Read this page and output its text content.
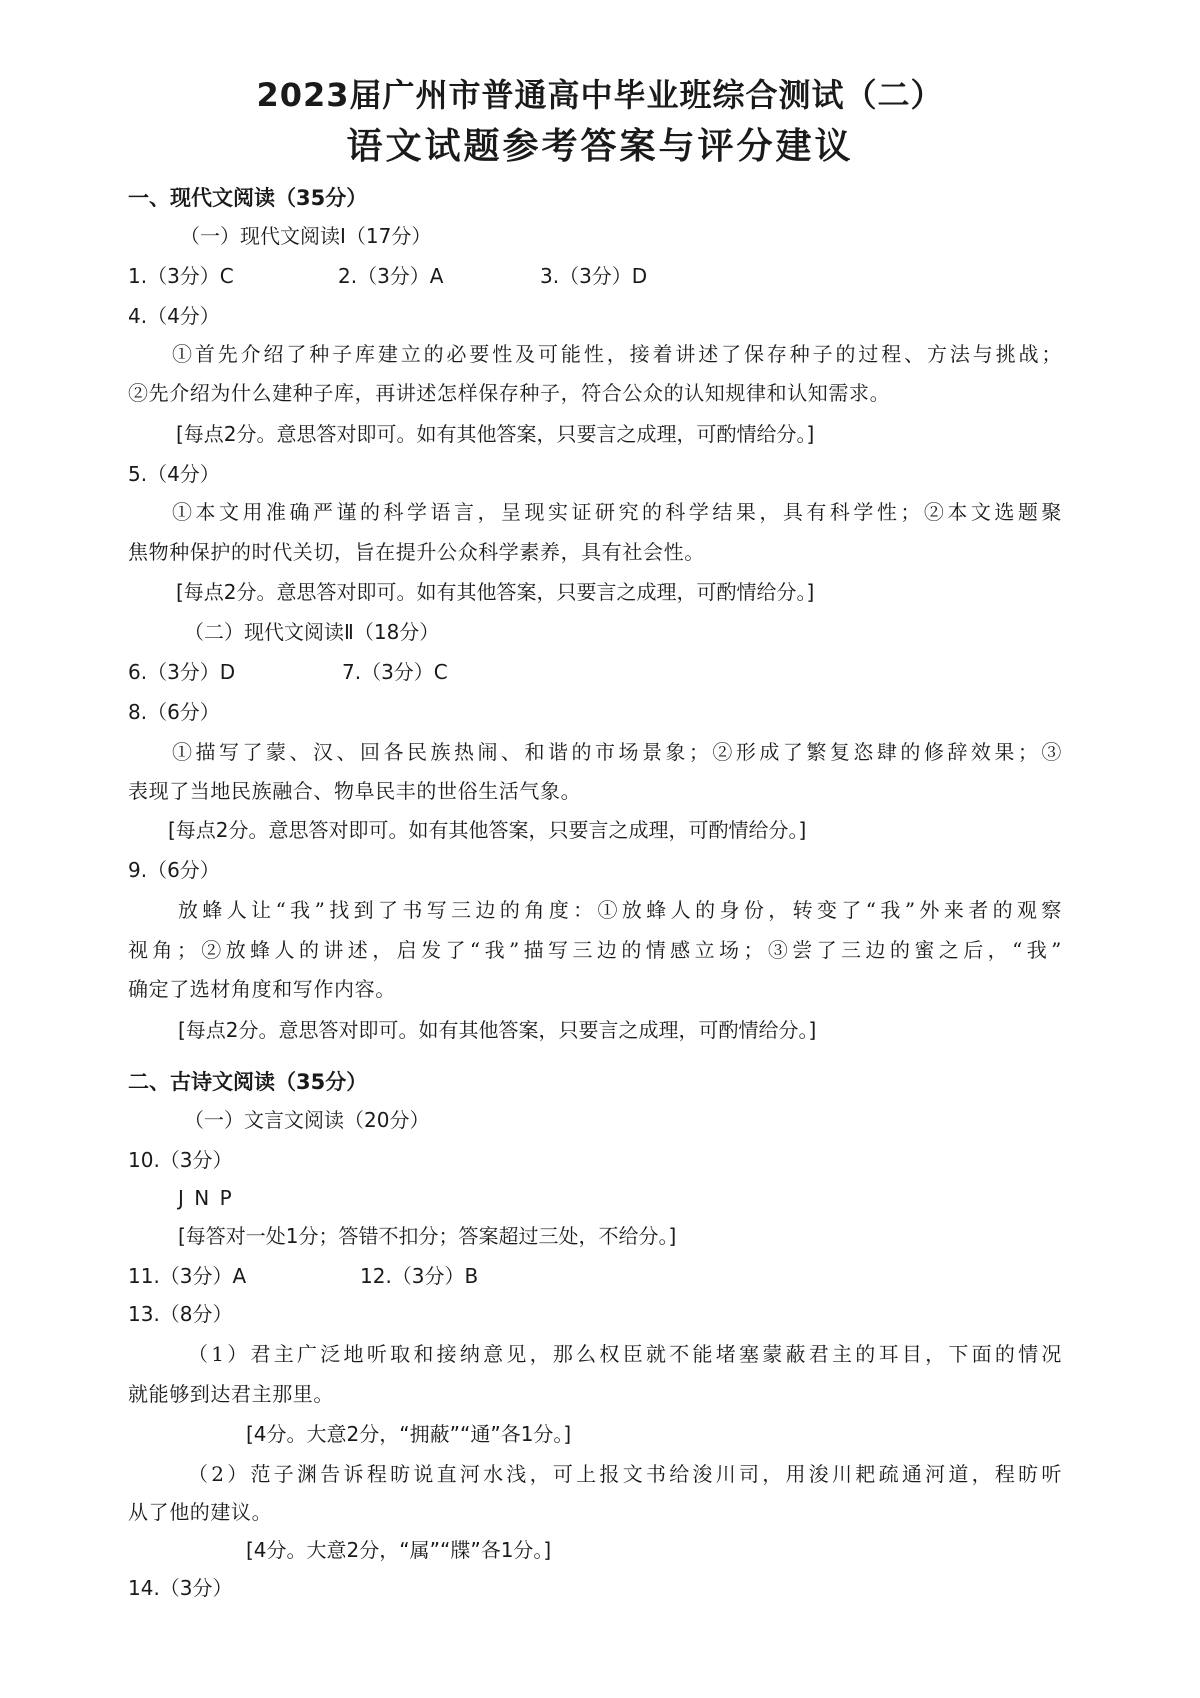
2023届广州市普通高中毕业班综合测试（二）
语文试题参考答案与评分建议
一、现代文阅读（35分）
（一）现代文阅读Ⅰ（17分）
1.（3分）C	2.（3分）A	3.（3分）D
4.（4分）
①首先介绍了种子库建立的必要性及可能性，接着讲述了保存种子的过程、方法与挑战；
②先介绍为什么建种子库，再讲述怎样保存种子，符合公众的认知规律和认知需求。
[每点2分。意思答对即可。如有其他答案，只要言之成理，可酌情给分。]
5.（4分）
①本文用准确严谨的科学语言，呈现实证研究的科学结果，具有科学性；②本文选题聚
焦物种保护的时代关切，旨在提升公众科学素养，具有社会性。
[每点2分。意思答对即可。如有其他答案，只要言之成理，可酌情给分。]
（二）现代文阅读Ⅱ（18分）
6.（3分）D	7.（3分）C
8.（6分）
①描写了蒙、汉、回各民族热闹、和谐的市场景象；②形成了繁复恣肆的修辞效果；③
表现了当地民族融合、物阜民丰的世俗生活气象。
[每点2分。意思答对即可。如有其他答案，只要言之成理，可酌情给分。]
9.（6分）
放蜂人让“我”找到了书写三边的角度：①放蜂人的身份，转变了“我”外来者的观察
视角；②放蜂人的讲述，启发了“我”描写三边的情感立场；③尝了三边的蜜之后，“我”
确定了选材角度和写作内容。
[每点2分。意思答对即可。如有其他答案，只要言之成理，可酌情给分。]
二、古诗文阅读（35分）
（一）文言文阅读（20分）
10.（3分）
J N P
[每答对一处1分；答错不扣分；答案超过三处，不给分。]
11.（3分）A	12.（3分）B
13.（8分）
（1）君主广泛地听取和接纳意见，那么权臣就不能堵塞蒙蔽君主的耳目，下面的情况
就能够到达君主那里。
[4分。大意2分，“拥蔽”“通”各1分。]
（2）范子渊告诉程昉说直河水浅，可上报文书给浚川司，用浚川耙疏通河道，程昉听
从了他的建议。
[4分。大意2分，“属”“牒”各1分。]
14.（3分）
